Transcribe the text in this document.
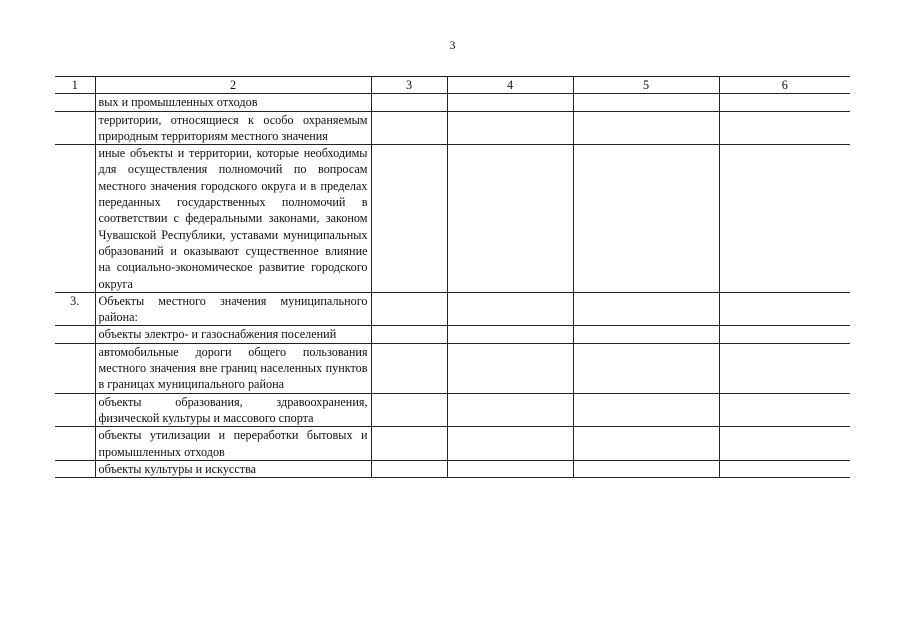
3
1	2	3	4	5	6
	вых и промышленных отходов				
	территории, относящиеся к особо охраняемым природным территориям местного значения				
	иные объекты и территории, которые необходимы для осуществления полномочий по вопросам местного значения городского округа и в пределах переданных государственных полномочий в соответствии с федеральными законами, законом Чувашской Республики, уставами муниципальных образований и оказывают существенное влияние на социально-экономическое развитие городского округа				
3.	Объекты местного значения муниципального района:				
	объекты электро- и газоснабжения поселений				
	автомобильные дороги общего пользования местного значения вне границ населенных пунктов в границах муниципального района				
	объекты образования, здравоохранения, физической культуры и массового спорта				
	объекты утилизации и переработки бытовых и промышленных отходов				
	объекты культуры и искусства				
